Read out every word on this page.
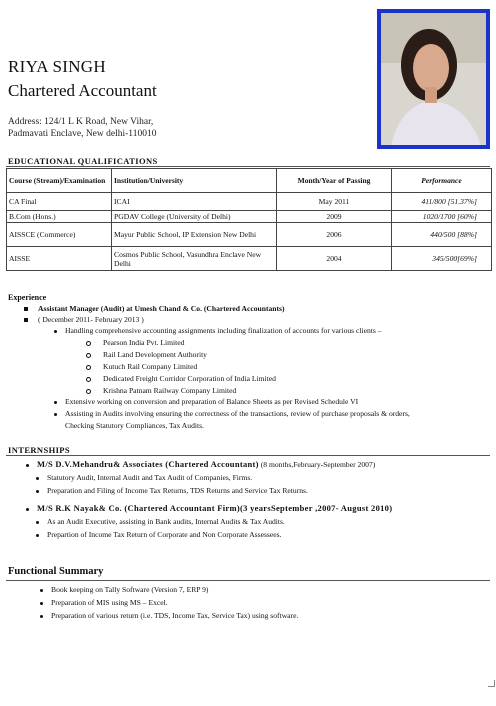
RIYA SINGH
Chartered Accountant
Address: 124/1 L K Road, New Vihar,
Padmavati Enclave, New delhi-110010
EDUCATIONAL QUALIFICATIONS
Course (Stream)/Examination	Institution/University	Month/Year of Passing	Performance
CA Final	ICAI	May 2011	411/800 [51.37%]
B.Com (Hons.)	PGDAV College (University of Delhi)	2009	1020/1700 [60%]
AISSCE (Commerce)	Mayur Public School, IP Extension New Delhi	2006	440/500 [88%]
AISSE	Cosmos Public School, Vasundhra Enclave New Delhi	2004	345/500[69%]
Experience
Assistant Manager (Audit) at Umesh Chand & Co. (Chartered Accountants)
( December 2011- February 2013 )
Handling comprehensive accounting assignments including finalization of accounts for various clients –
Pearson India Pvt. Limited
Rail Land Development Authority
Kutuch Rail Company Limited
Dedicated Freight Corridor Corporation of India Limited
Krishna Patnam Railway Company Limited
Extensive working on conversion and preparation of Balance Sheets as per Revised Schedule VI
Assisting in Audits involving ensuring the correctness of the transactions, review of purchase proposals & orders,
Checking Statutory Compliances, Tax Audits.
INTERNSHIPS
M/S D.V.Mehandru& Associates (Chartered Accountant) (8 months,February-September 2007)
Statutory Audit, Internal Audit and Tax Audit of Companies, Firms.
Preparation and Filing of Income Tax Returns, TDS Returns and Service Tax Returns.
M/S R.K Nayak& Co. (Chartered Accountant Firm)(3 yearsSeptember ,2007- August 2010)
As an Audit Executive, assisting in Bank audits, Internal Audits & Tax Audits.
Prepartion of Income Tax Return of Corporate and Non Corporate Assessees.
Functional Summary
Book keeping on Tally Software (Version 7, ERP 9)
Preparation of MIS using MS – Excel.
Preparation of various return (i.e. TDS, Income Tax, Service Tax) using software.
